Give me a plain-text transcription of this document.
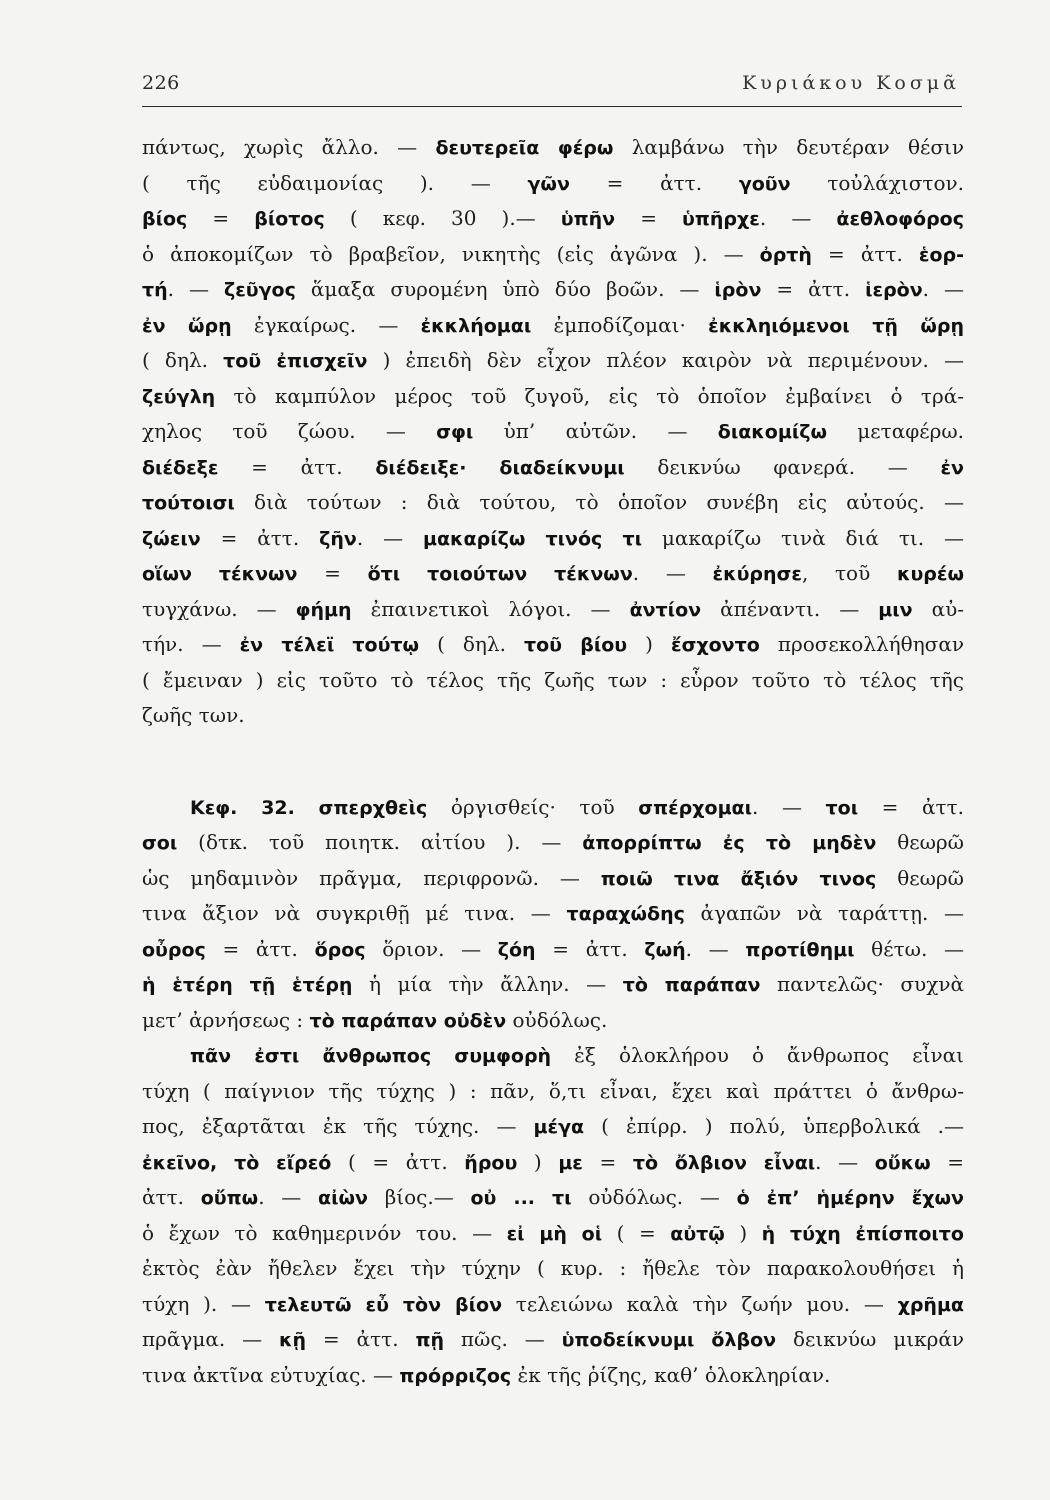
226	Κυριάκου Κοσμᾶ
πάντως, χωρὶς ἄλλο. — δευτερεῖα φέρω λαμβάνω τὴν δευτέραν θέσιν
( τῆς εὐδαιμονίας ). — γῶν = ἀττ. γοῦν τοὐλάχιστον.
βίος = βίοτος ( κεφ. 30 ).— ὑπῆν = ὑπῆρχε. — ἀεθλοφόρος
ὁ ἀποκομίζων τὸ βραβεῖον, νικητὴς (εἰς ἀγῶνα ). — ὀρτὴ = ἀττ. ἑορ-
τή. — ζεῦγος ἅμαξα συρομένη ὑπὸ δύο βοῶν. — ἱρὸν = ἀττ. ἱερὸν. —
ἐν ὥρῃ ἐγκαίρως. — ἐκκλήομαι ἐμποδίζομαι· ἐκκληιόμενοι τῇ ὥρῃ
( δηλ. τοῦ ἐπισχεῖν ) ἐπειδὴ δὲν εἶχον πλέον καιρὸν νὰ περιμένουν. —
ζεύγλη τὸ καμπύλον μέρος τοῦ ζυγοῦ, εἰς τὸ ὁποῖον ἐμβαίνει ὁ τρά-
χηλος τοῦ ζώου. — σφι ὑπ’ αὐτῶν. — διακομίζω μεταφέρω.
διέδεξε = ἀττ. διέδειξε· διαδείκνυμι δεικνύω φανερά. — ἐν
τούτοισι διὰ τούτων : διὰ τούτου, τὸ ὁποῖον συνέβη εἰς αὐτούς. —
ζώειν = ἀττ. ζῆν. — μακαρίζω τινός τι μακαρίζω τινὰ διά τι. —
οἵων τέκνων = ὅτι τοιούτων τέκνων. — ἐκύρησε, τοῦ κυρέω
τυγχάνω. — φήμη ἐπαινετικοὶ λόγοι. — ἀντίον ἀπέναντι. — μιν αὐ-
τήν. — ἐν τέλεϊ τούτῳ ( δηλ. τοῦ βίου ) ἔσχοντο προσεκολλήθησαν
( ἔμειναν ) εἰς τοῦτο τὸ τέλος τῆς ζωῆς των : εὗρον τοῦτο τὸ τέλος τῆς
ζωῆς των.
Κεφ. 32. σπερχθεὶς ὀργισθείς· τοῦ σπέρχομαι. — τοι = ἀττ.
σοι (δτκ. τοῦ ποιητκ. αἰτίου ). — ἀπορρίπτω ἐς τὸ μηδὲν θεωρῶ
ὡς μηδαμινὸν πρᾶγμα, περιφρονῶ. — ποιῶ τινα ἄξιόν τινος θεωρῶ
τινα ἄξιον νὰ συγκριθῇ μέ τινα. — ταραχώδης ἀγαπῶν νὰ ταράττῃ. —
οὖρος = ἀττ. ὅρος ὅριον. — ζόη = ἀττ. ζωή. — προτίθημι θέτω. —
ἡ ἑτέρη τῇ ἑτέρῃ ἡ μία τὴν ἄλλην. — τὸ παράπαν παντελῶς· συχνὰ
μετ’ ἀρνήσεως : τὸ παράπαν οὐδὲν οὐδόλως.
πᾶν ἐστι ἄνθρωπος συμφορὴ ἐξ ὁλοκλήρου ὁ ἄνθρωπος εἶναι
τύχη ( παίγνιον τῆς τύχης ) : πᾶν, ὅ,τι εἶναι, ἔχει καὶ πράττει ὁ ἄνθρω-
πος, ἐξαρτᾶται ἐκ τῆς τύχης. — μέγα ( ἐπίρρ. ) πολύ, ὑπερβολικά .—
ἐκεῖνο, τὸ εἴρεό ( = ἀττ. ἤρου ) με = τὸ ὄλβιον εἶναι. — οὔκω =
ἀττ. οὔπω. — αἰὼν βίος.— οὐ ... τι οὐδόλως. — ὁ ἐπ’ ἡμέρην ἔχων
ὁ ἔχων τὸ καθημερινόν του. — εἰ μὴ οἱ ( = αὐτῷ ) ἡ τύχη ἐπίσποιτο
ἐκτὸς ἐὰν ἤθελεν ἔχει τὴν τύχην ( κυρ. : ἤθελε τὸν παρακολουθήσει ἡ
τύχη ). — τελευτῶ εὖ τὸν βίον τελειώνω καλὰ τὴν ζωήν μου. — χρῆμα
πρᾶγμα. — κῇ = ἀττ. πῇ πῶς. — ὑποδείκνυμι ὄλβον δεικνύω μικράν
τινα ἀκτῖνα εὐτυχίας. — πρόρριζος ἐκ τῆς ῥίζης, καθ’ ὁλοκληρίαν.
